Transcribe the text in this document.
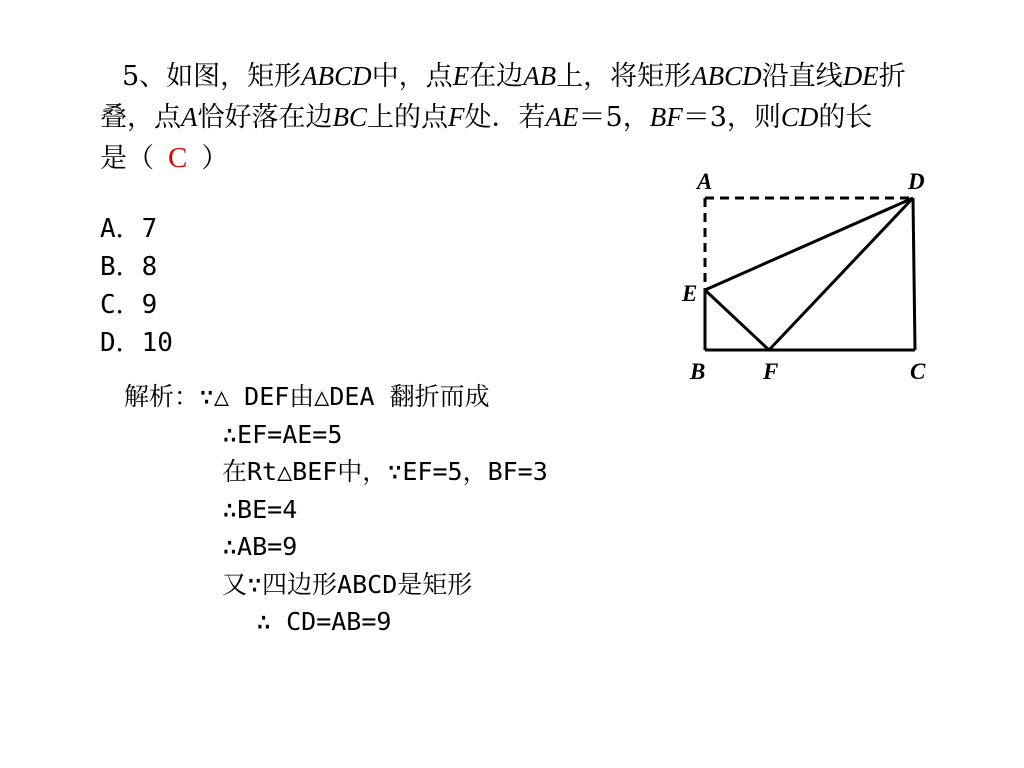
5、如图，矩形ABCD中，点E在边AB上，将矩形ABCD沿直线DE折
叠，点A恰好落在边BC上的点F处．若AE＝5，BF＝3，则CD的长
是（ C ）
A．7
B．8
C．9
D．10
A	D
E
B	F	C
解析：∵△ DEF由△DEA 翻折而成
∴EF=AE=5
在Rt△BEF中，∵EF=5，BF=3
∴BE=4
∴AB=9
又∵四边形ABCD是矩形
∴ CD=AB=9
